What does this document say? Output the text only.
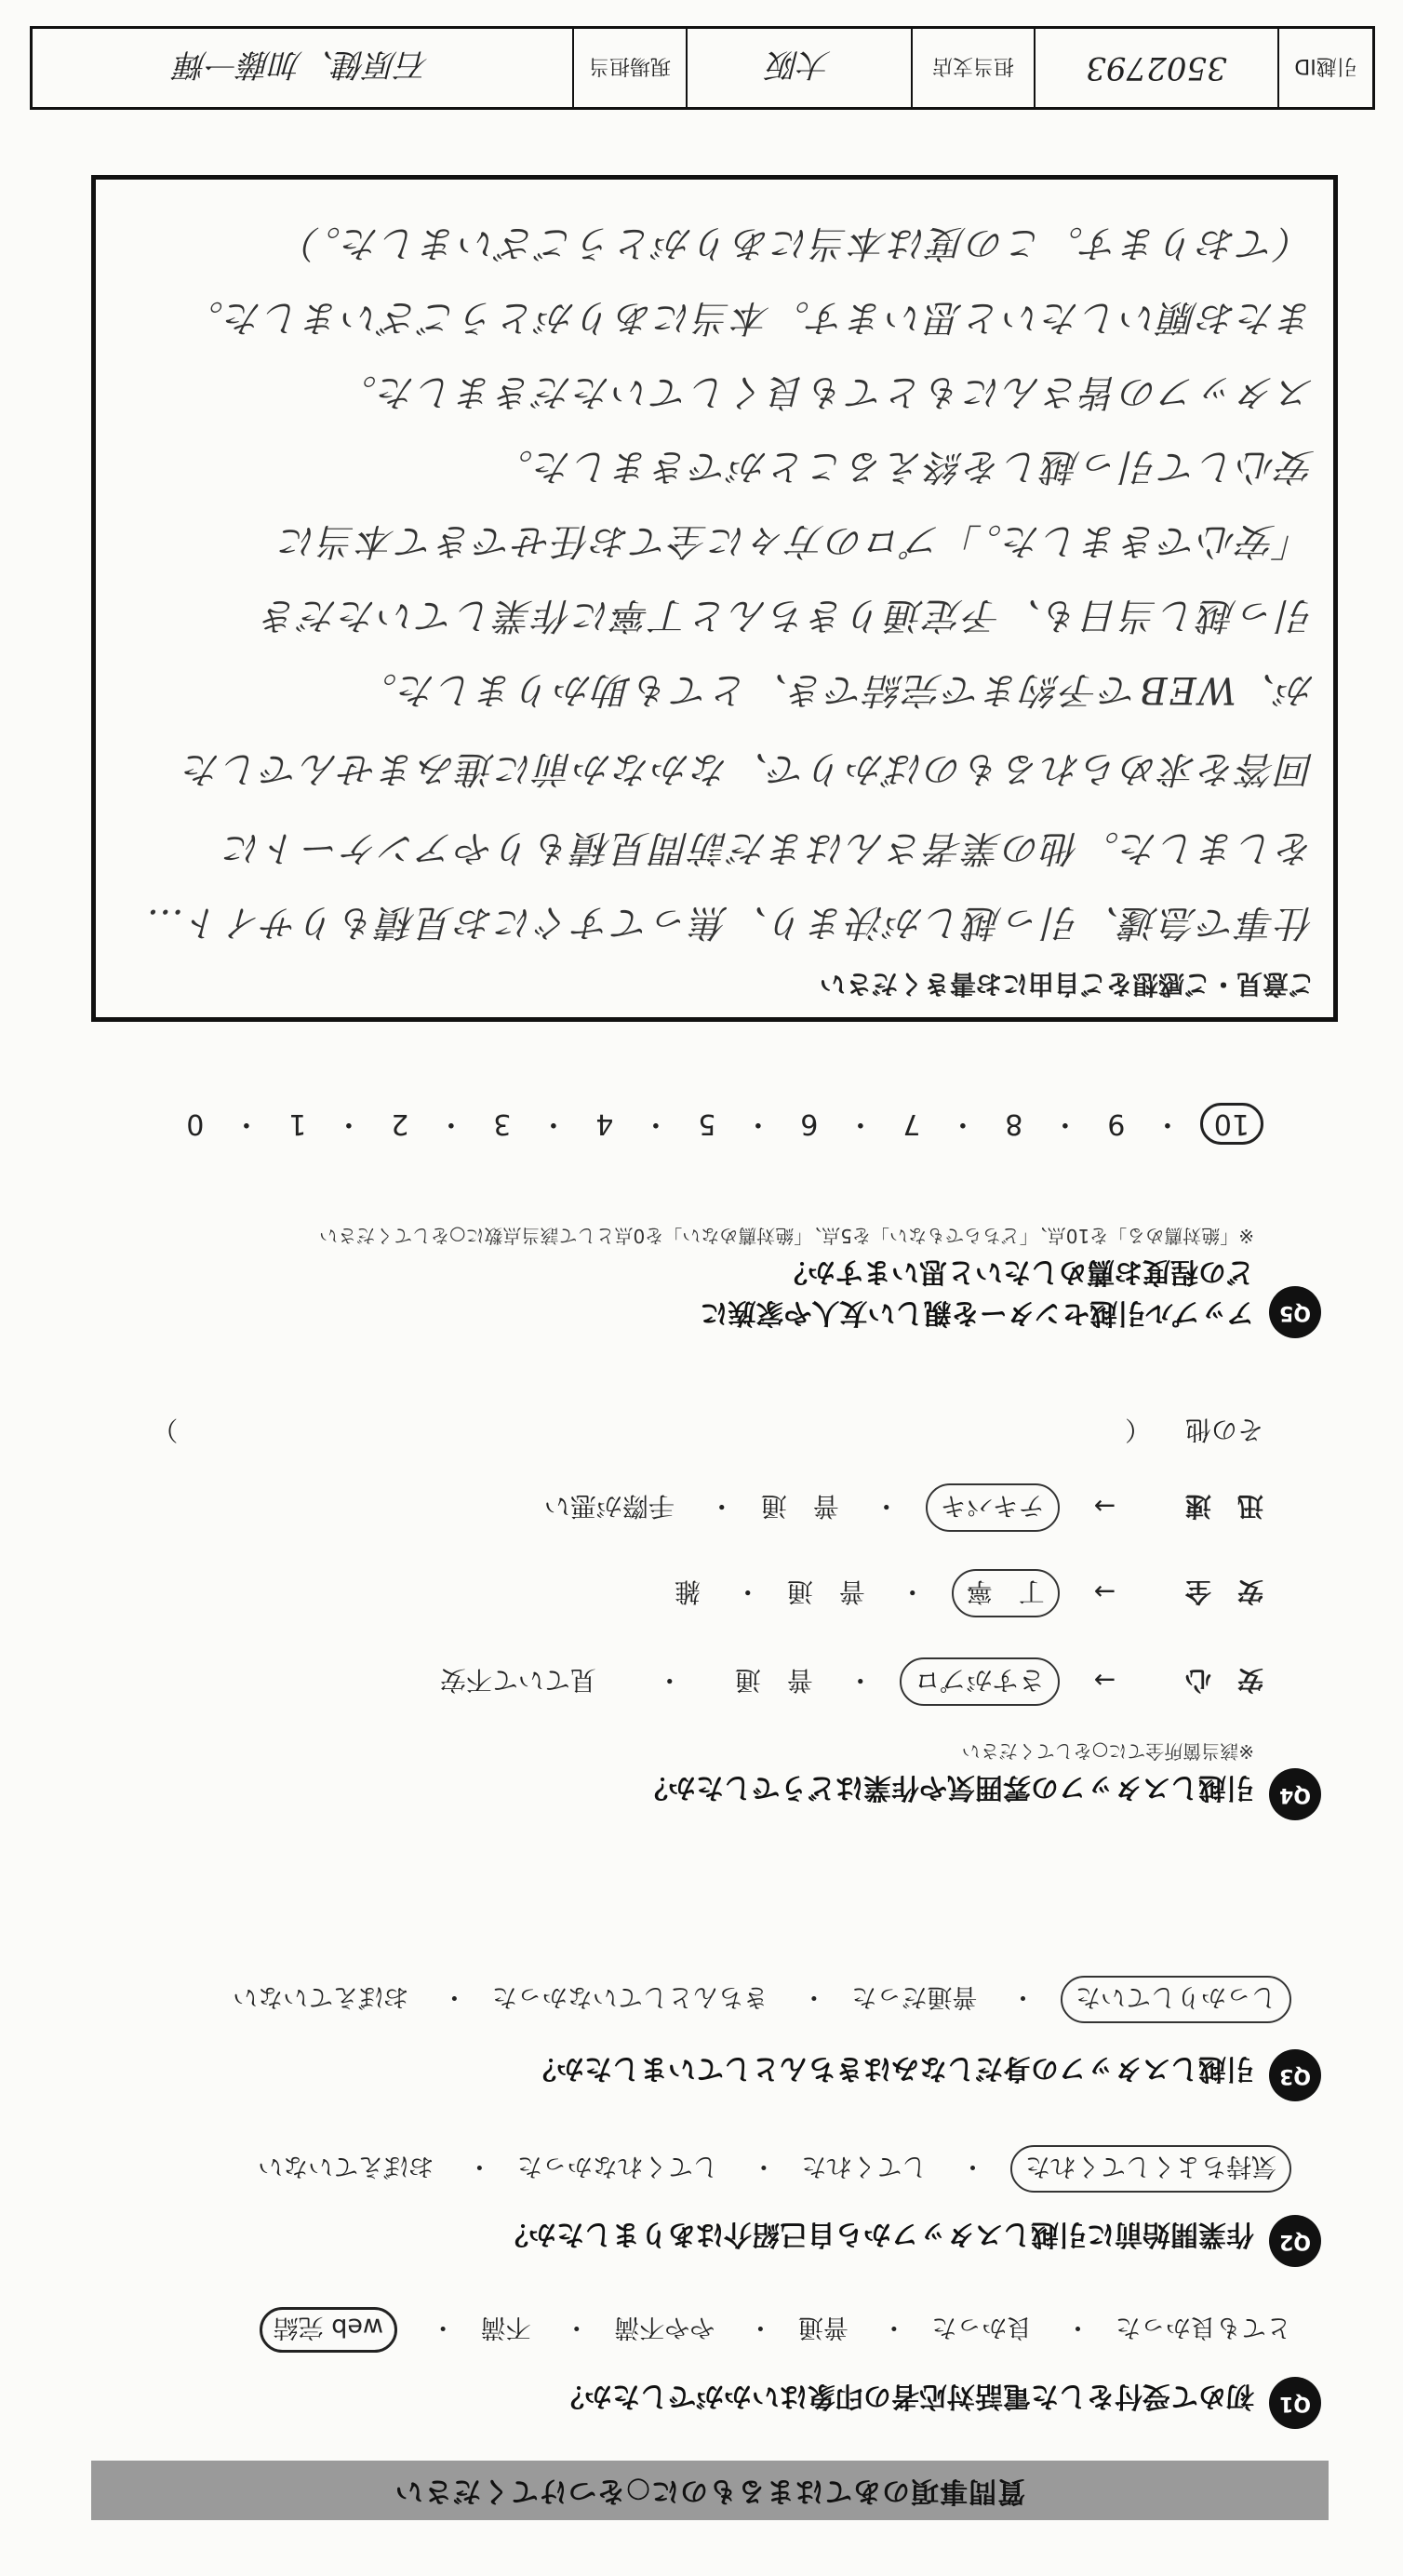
質問事項のあてはまるものに○をつけてください
Q1
初めて受付をした電話対応者の印象はいかがでしたか？
とても良かった　・　 良かった　・　 普通　・　 やや不満　・　 不満　・　 web 完結
Q2
作業開始前に引越しスタッフから自己紹介はありましたか？
気持ちよくしてくれた　・　 してくれた　・　 してくれなかった　・　 おぼえていない
Q3
引越しスタッフの身だしなみはきちんとしていましたか？
しっかりしていた　・　 普通だった　・　 きちんとしていなかった　・　 おぼえていない
Q4
引越しスタッフの雰囲気や作業はどうでしたか？
※該当箇所全てに○をしてください
安　心 →　 さすがプロ　・　 普　通　　・　　 見ていて不安
安　全 →　 丁　寧　・　 普　通　・　 雑
迅　速 →　 テキパキ　・　 普　通　・　 手際が悪い
その他　 （  ）
Q5
アップル引越センターを親しい友人や家族に
どの程度お薦めしたいと思いますか？
※「絶対薦める」を10点、「どちらでもない」を5点、「絶対薦めない」を0点として該当点数に○をしてください
10・9・8・7・6・5・4・3・2・1・0
ご意見・ご感想をご自由にお書きください
仕事で急遽、引っ越しが決まり、焦ってすぐにお見積もりサイト…
をしました。他の業者さんはまだ訪問見積もりやアンケートに
回答を求められるものばかりで、なかなか前に進みませんでした
が、WEBで予約まで完結でき、とても助かりました。
引っ越し当日も、予定通りきちんと丁寧に作業していただき
「安心できました。」プロの方々に全てお任せできて本当に
安心して引っ越しを終えることができました。
スタッフの皆さんにもとても良くしていただきました。
またお願いしたいと思います。本当にありがとうございました。
（ております。この度は本当にありがとうございました。）
引越ID
3502793
担当支店
大阪
現場担当
石原健、加藤一輝
